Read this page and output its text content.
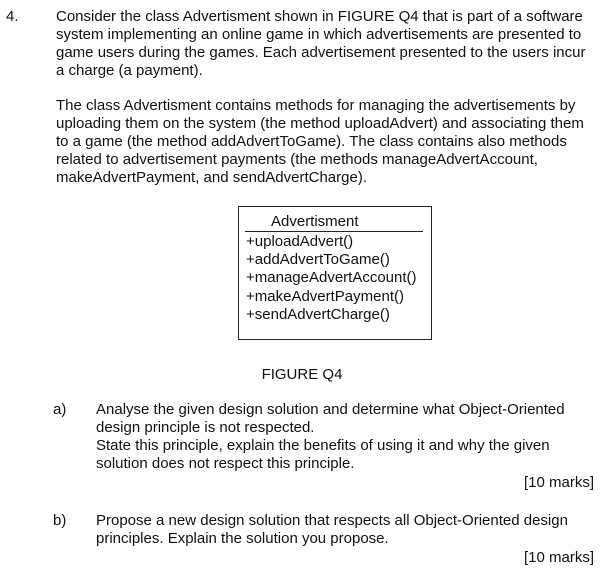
4. Consider the class Advertisment shown in FIGURE Q4 that is part of a software
system implementing an online game in which advertisements are presented to
game users during the games. Each advertisement presented to the users incur
a charge (a payment).
The class Advertisment contains methods for managing the advertisements by
uploading them on the system (the method uploadAdvert) and associating them
to a game (the method addAdvertToGame). The class contains also methods
related to advertisement payments (the methods manageAdvertAccount,
makeAdvertPayment, and sendAdvertCharge).
Advertisment
+uploadAdvert()
+addAdvertToGame()
+manageAdvertAccount()
+makeAdvertPayment()
+sendAdvertCharge()
FIGURE Q4
a) Analyse the given design solution and determine what Object-Oriented
design principle is not respected.
State this principle, explain the benefits of using it and why the given
solution does not respect this principle.
[10 marks]
b) Propose a new design solution that respects all Object-Oriented design
principles. Explain the solution you propose.
[10 marks]
